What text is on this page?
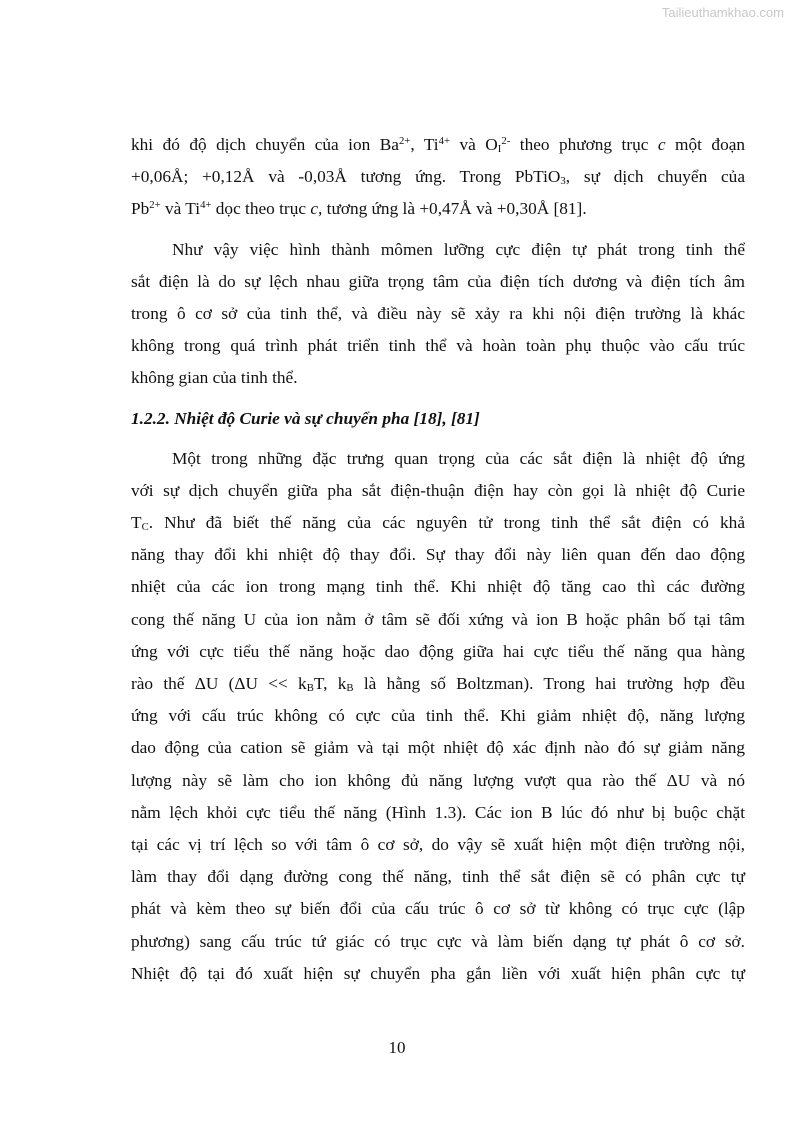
Tailieuthamkhao.com
khi đó độ dịch chuyển của ion $Ba^{2+}$, $Ti^{4+}$ và $O_I^{2-}$ theo phương trục c một đoạn
+0,06Å; +0,12Å và -0,03Å tương ứng. Trong PbTiO$_3$, sự dịch chuyển của
$Pb^{2+}$ và $Ti^{4+}$ dọc theo trục c, tương ứng là +0,47Å và +0,30Å [81].
Như vậy việc hình thành mômen lưỡng cực điện tự phát trong tinh thể
sắt điện là do sự lệch nhau giữa trọng tâm của điện tích dương và điện tích âm
trong ô cơ sở của tinh thể, và điều này sẽ xảy ra khi nội điện trường là khác
không trong quá trình phát triển tinh thể và hoàn toàn phụ thuộc vào cấu trúc
không gian của tinh thể.
1.2.2. Nhiệt độ Curie và sự chuyển pha [18], [81]
Một trong những đặc trưng quan trọng của các sắt điện là nhiệt độ ứng
với sự dịch chuyển giữa pha sắt điện-thuận điện hay còn gọi là nhiệt độ Curie
$T_C$. Như đã biết thế năng của các nguyên tử trong tinh thể sắt điện có khả
năng thay đổi khi nhiệt độ thay đổi. Sự thay đổi này liên quan đến dao động
nhiệt của các ion trong mạng tinh thể. Khi nhiệt độ tăng cao thì các đường
cong thế năng U của ion nằm ở tâm sẽ đối xứng và ion B hoặc phân bố tại tâm
ứng với cực tiểu thế năng hoặc dao động giữa hai cực tiểu thế năng qua hàng
rào thế ΔU ($\Delta U << k_BT$, $k_B$ là hằng số Boltzman). Trong hai trường hợp đều
ứng với cấu trúc không có cực của tinh thể. Khi giảm nhiệt độ, năng lượng
dao động của cation sẽ giảm và tại một nhiệt độ xác định nào đó sự giảm năng
lượng này sẽ làm cho ion không đủ năng lượng vượt qua rào thế ΔU và nó
nằm lệch khỏi cực tiểu thế năng (Hình 1.3). Các ion B lúc đó như bị buộc chặt
tại các vị trí lệch so với tâm ô cơ sở, do vậy sẽ xuất hiện một điện trường nội,
làm thay đổi dạng đường cong thế năng, tinh thể sắt điện sẽ có phân cực tự
phát và kèm theo sự biến đổi của cấu trúc ô cơ sở từ không có trục cực (lập
phương) sang cấu trúc tứ giác có trục cực và làm biến dạng tự phát ô cơ sở.
Nhiệt độ tại đó xuất hiện sự chuyển pha gắn liền với xuất hiện phân cực tự
10
